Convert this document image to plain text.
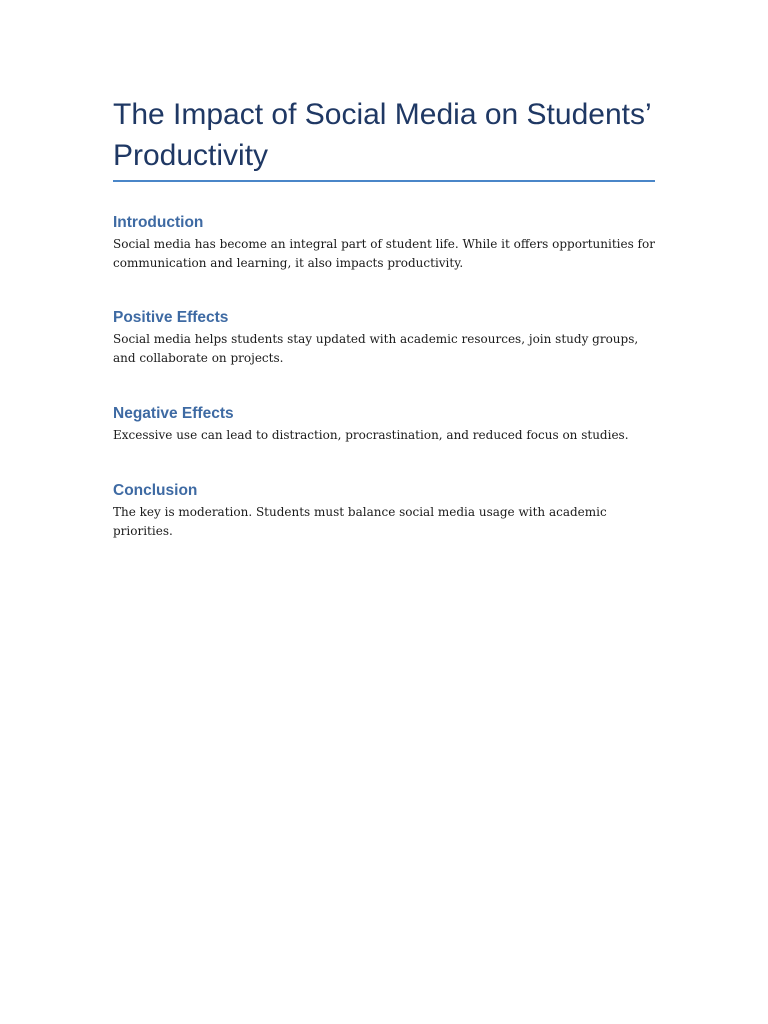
The Impact of Social Media on Students’ Productivity
Introduction

Social media has become an integral part of student life. While it offers opportunities for communication and learning, it also impacts productivity.

Positive Effects

Social media helps students stay updated with academic resources, join study groups, and collaborate on projects.

Negative Effects

Excessive use can lead to distraction, procrastination, and reduced focus on studies.

Conclusion

The key is moderation. Students must balance social media usage with academic priorities.
